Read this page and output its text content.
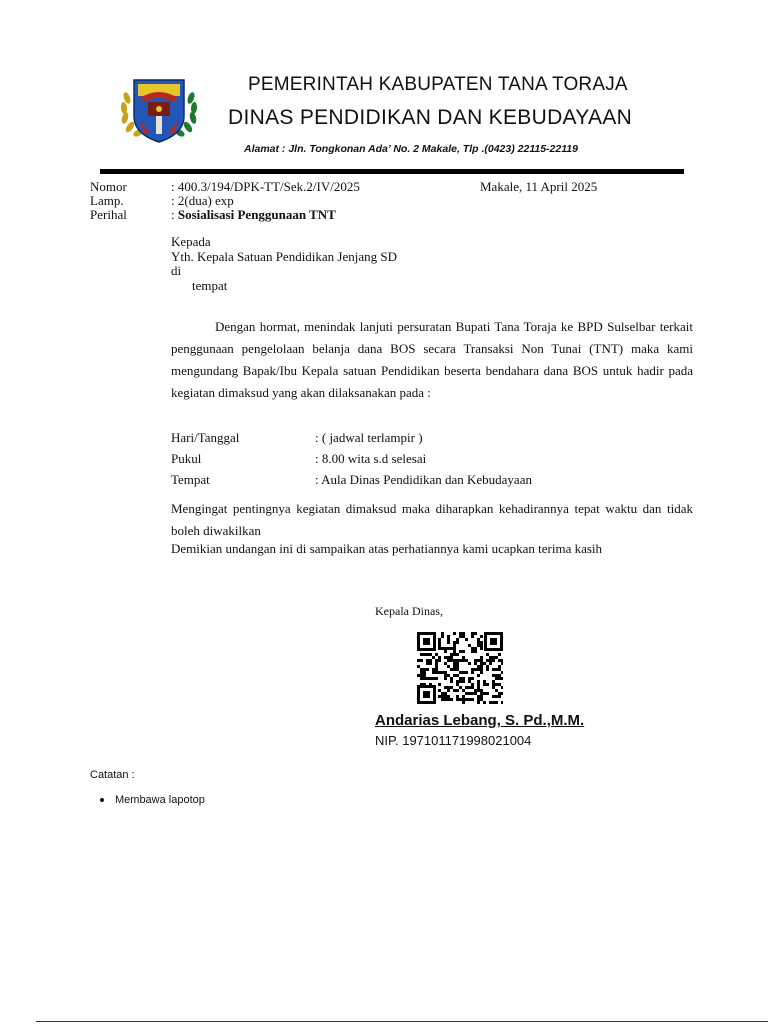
PEMERINTAH KABUPATEN TANA TORAJA
DINAS PENDIDIKAN DAN KEBUDAYAAN
Alamat : Jln. Tongkonan Ada’ No. 2 Makale, Tlp .(0423) 22115-22119
Nomor	: 400.3/194/DPK-TT/Sek.2/IV/2025	Makale, 11 April 2025
Lamp.	: 2(dua) exp
Perihal	: Sosialisasi Penggunaan TNT
Kepada
Yth. Kepala Satuan Pendidikan Jenjang SD
di
tempat
Dengan hormat, menindak lanjuti persuratan Bupati Tana Toraja ke BPD Sulselbar terkait penggunaan pengelolaan belanja dana BOS secara Transaksi Non Tunai (TNT) maka kami mengundang Bapak/Ibu Kepala satuan Pendidikan beserta bendahara dana BOS untuk hadir pada kegiatan dimaksud yang akan dilaksanakan pada :
Hari/Tanggal	: ( jadwal terlampir )
Pukul	: 8.00 wita s.d selesai
Tempat	: Aula Dinas Pendidikan dan Kebudayaan
Mengingat pentingnya kegiatan dimaksud maka diharapkan kehadirannya tepat waktu dan tidak boleh diwakilkan
Demikian undangan ini di sampaikan atas perhatiannya kami ucapkan terima kasih
Kepala Dinas,
Andarias Lebang, S. Pd.,M.M.
NIP. 197101171998021004
Catatan :
Membawa lapotop
